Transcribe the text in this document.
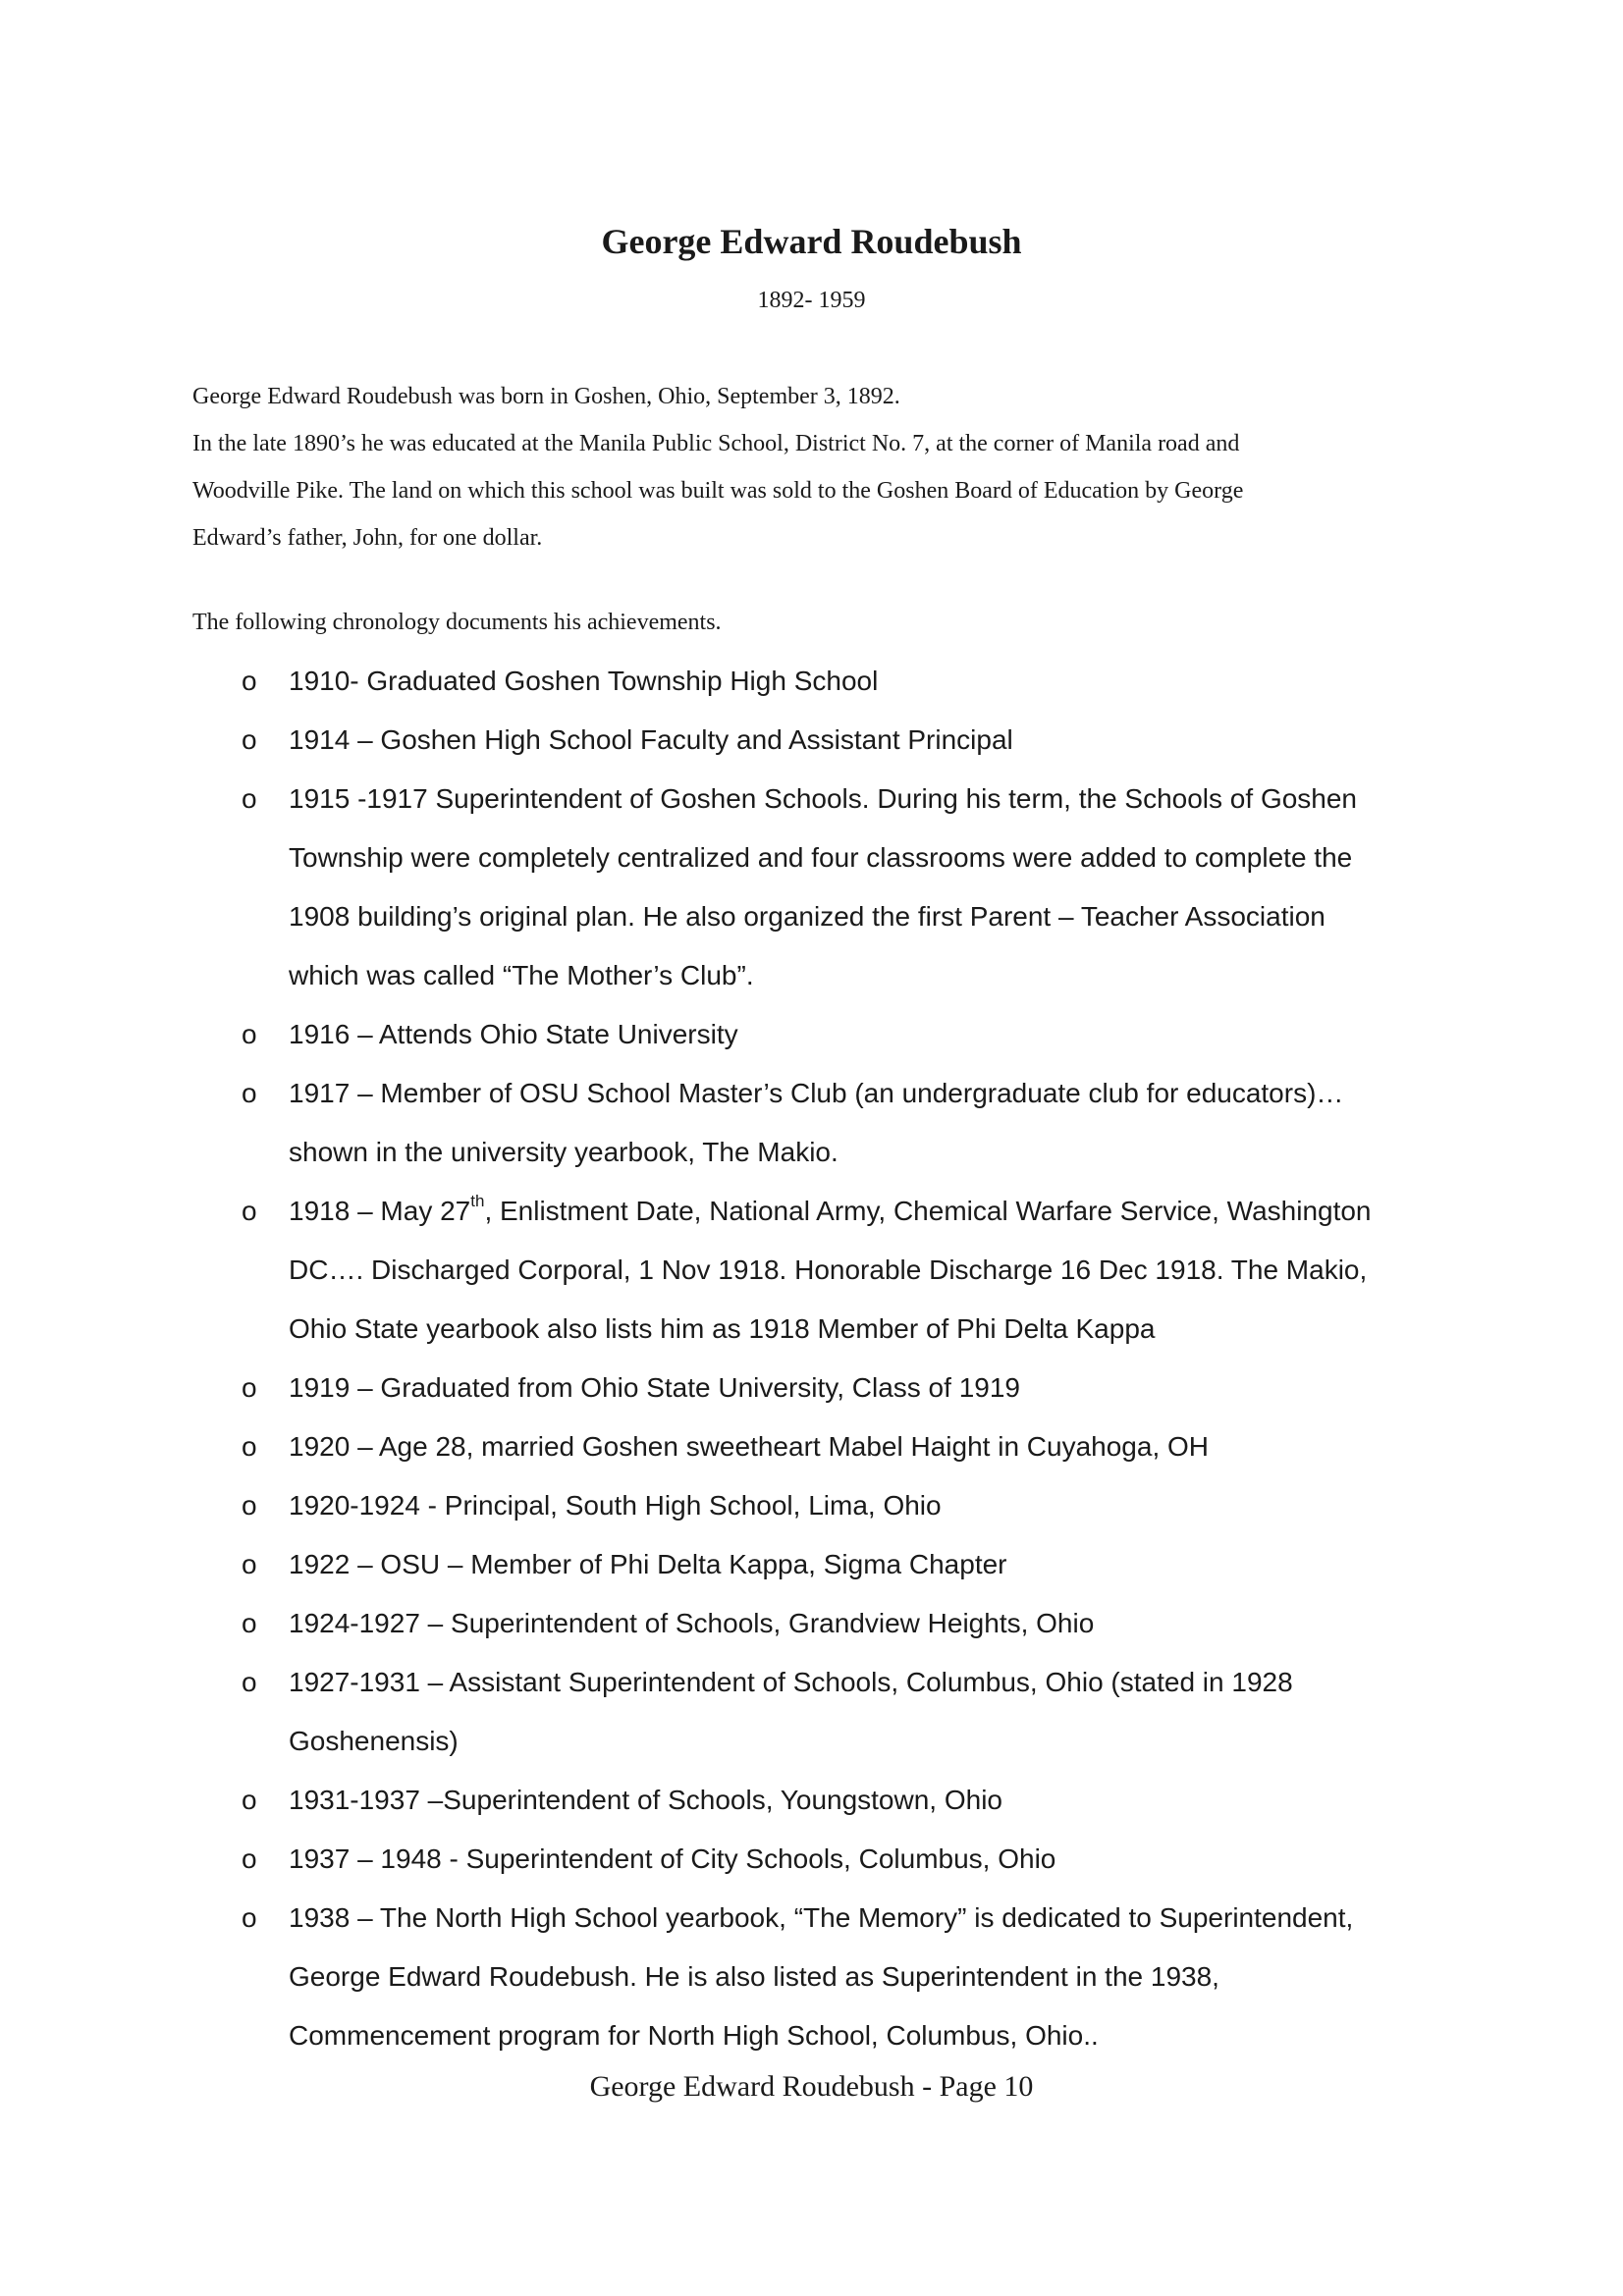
George Edward Roudebush
1892- 1959
George Edward Roudebush was born in Goshen, Ohio, September 3, 1892.
In the late 1890’s he was educated at the Manila Public School, District No. 7, at the corner of Manila road and
Woodville Pike. The land on which this school was built was sold to the Goshen Board of Education by George
Edward’s father, John, for one dollar.
The following chronology documents his achievements.
o 1910- Graduated Goshen Township High School
o 1914 – Goshen High School Faculty and Assistant Principal
o 1915 -1917 Superintendent of Goshen Schools. During his term, the Schools of Goshen
Township were completely centralized and four classrooms were added to complete the
1908 building’s original plan. He also organized the first Parent – Teacher Association
which was called “The Mother’s Club”.
o 1916 – Attends Ohio State University
o 1917 – Member of OSU School Master’s Club (an undergraduate club for educators)…
shown in the university yearbook, The Makio.
o 1918 – May 27th, Enlistment Date, National Army, Chemical Warfare Service, Washington
DC…. Discharged Corporal, 1 Nov 1918. Honorable Discharge 16 Dec 1918. The Makio,
Ohio State yearbook also lists him as 1918 Member of Phi Delta Kappa
o 1919 – Graduated from Ohio State University, Class of 1919
o 1920 – Age 28, married Goshen sweetheart Mabel Haight in Cuyahoga, OH
o 1920-1924 - Principal, South High School, Lima, Ohio
o 1922 – OSU – Member of Phi Delta Kappa, Sigma Chapter
o 1924-1927 – Superintendent of Schools, Grandview Heights, Ohio
o 1927-1931 – Assistant Superintendent of Schools, Columbus, Ohio (stated in 1928
Goshenensis)
o 1931-1937 –Superintendent of Schools, Youngstown, Ohio
o 1937 – 1948 - Superintendent of City Schools, Columbus, Ohio
o 1938 – The North High School yearbook, “The Memory” is dedicated to Superintendent,
George Edward Roudebush. He is also listed as Superintendent in the 1938,
Commencement program for North High School, Columbus, Ohio..
George Edward Roudebush - Page 10
